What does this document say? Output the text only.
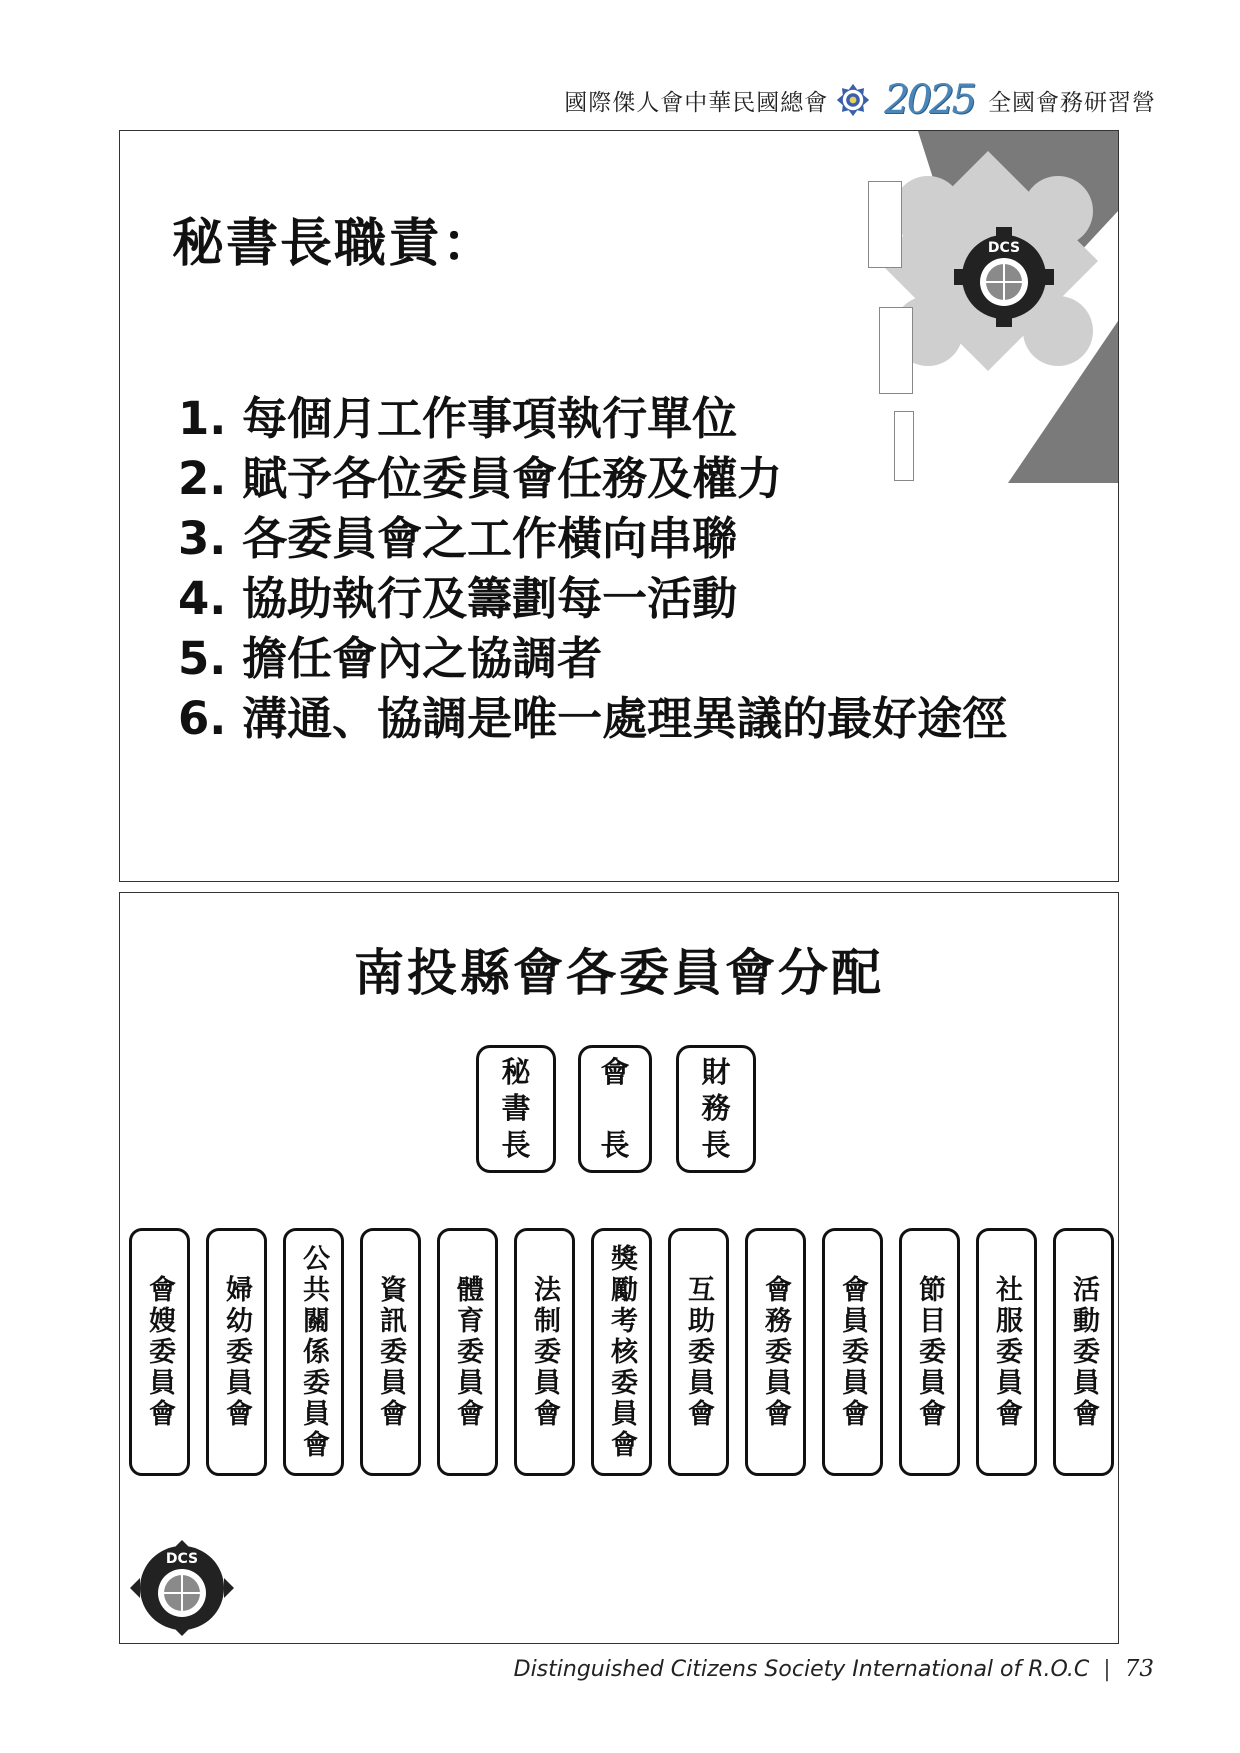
國際傑人會中華民國總會 2025 全國會務研習營
秘書長職責：	DCS
1. 每個月工作事項執行單位
2. 賦予各位委員會任務及權力
3. 各委員會之工作橫向串聯
4. 協助執行及籌劃每一活動
5. 擔任會內之協調者
6. 溝通、協調是唯一處理異議的最好途徑
南投縣會各委員會分配
秘
書
長
會
長
財
務
長
會嫂委員會 婦幼委員會 公共關係委員會 資訊委員會 體育委員會 法制委員會 獎勵考核委員會 互助委員會 會務委員會 會員委員會 節目委員會 社服委員會 活動委員會
DCS
Distinguished Citizens Society International of R.O.C | 73
